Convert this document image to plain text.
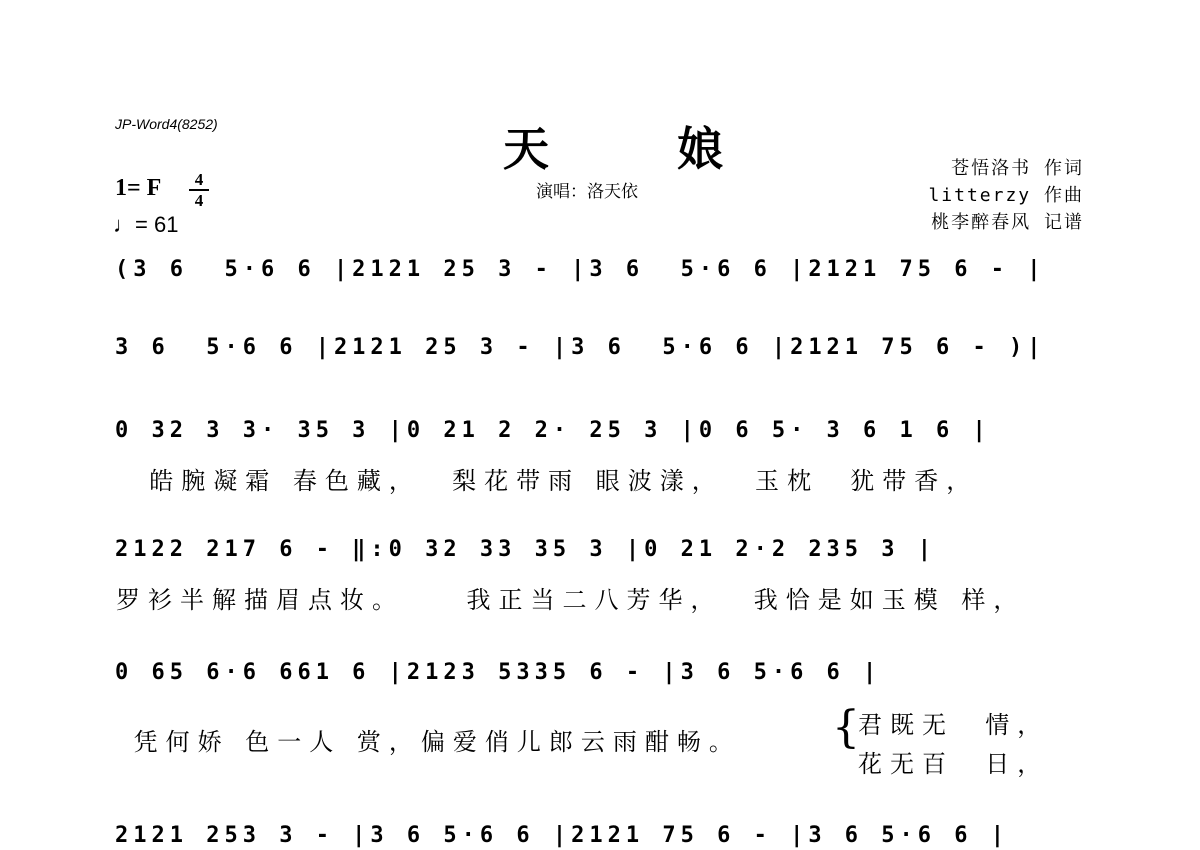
JP-Word4(8252)	天 娘
演唱：洛天依
苍悟洛书 作词
litterzy 作曲
桃李醉春风 记谱
1= F	4
4
♩= 61
(3 6  5·6 6 |2121 25 3 - |3 6  5·6 6 |2121 75 6 - |
3 6  5·6 6 |2121 25 3 - |3 6  5·6 6 |2121 75 6 - )|
0 32 3 3· 35 3 |0 21 2 2· 25 3 |0 6 5· 3 6 1 6 |
皓腕凝霜 春色藏，  梨花带雨 眼波漾，  玉枕  犹带香，
2122 217 6 - ‖:0 32 33 35 3 |0 21 2·2 235 3 |
罗衫半解描眉点妆。    我正当二八芳华，  我恰是如玉模 样，
0 65 6·6 661 6 |2123 5335 6 - |3 6 5·6 6 |
凭何娇 色一人 赏，偏爱俏儿郎云雨酣畅。 {
君既无  情，
花无百  日，
2121 253 3 - |3 6 5·6 6 |2121 75 6 - |3 6 5·6 6 |
